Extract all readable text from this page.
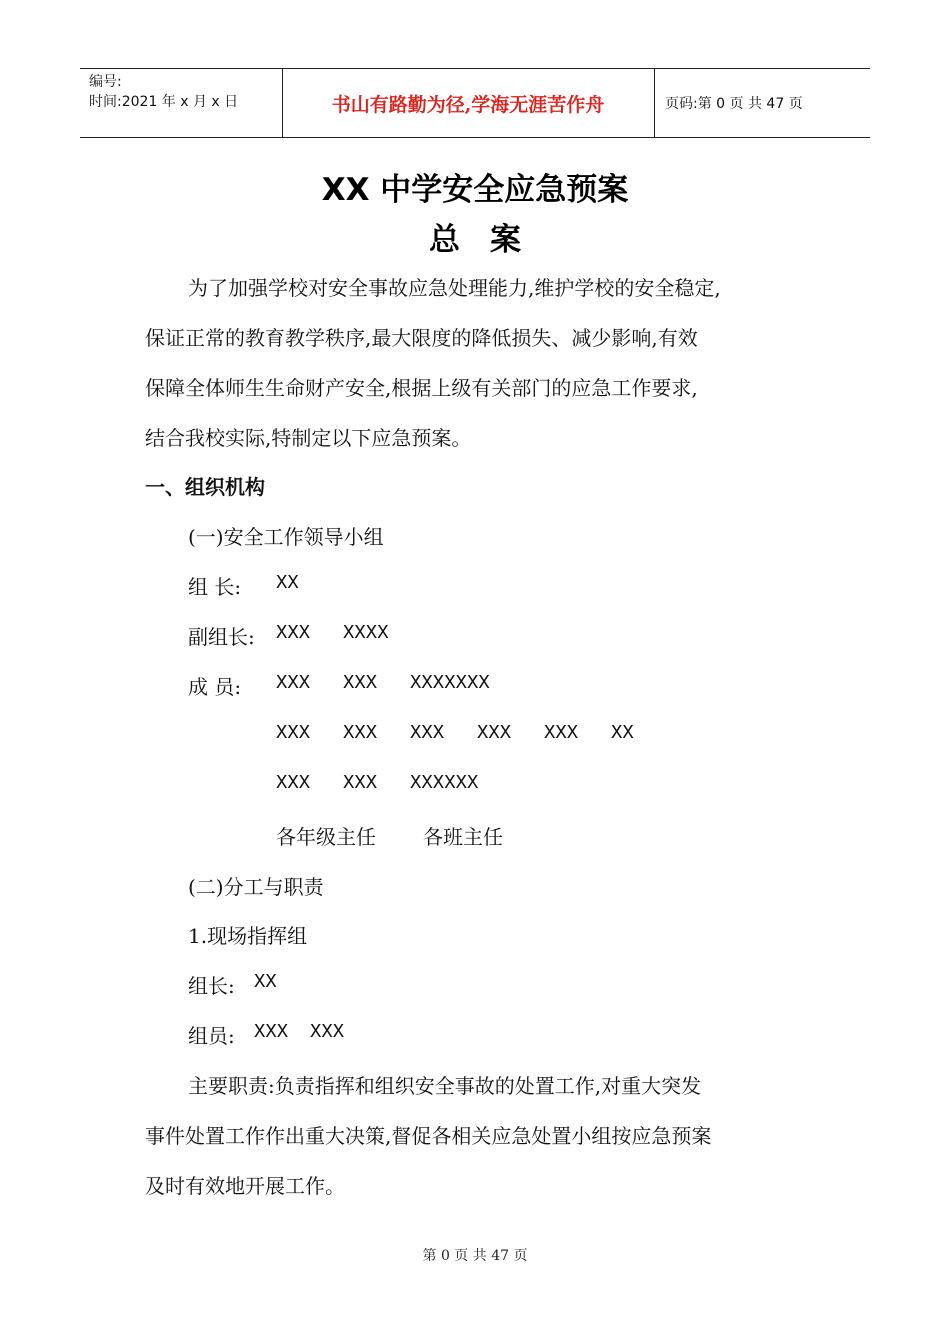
编号:
时间:2021 年 x 月 x 日	书山有路勤为径,学海无涯苦作舟	页码:第 0 页 共 47 页
XX 中学安全应急预案
总案
为了加强学校对安全事故应急处理能力,维护学校的安全稳定,
保证正常的教育教学秩序,最大限度的降低损失、减少影响,有效
保障全体师生生命财产安全,根据上级有关部门的应急工作要求,
结合我校实际,特制定以下应急预案。
一、组织机构
(一)安全工作领导小组
组 长: XX
副组长: XXX XXXX
成 员: XXX XXX XXXXXXX
XXX XXX XXX XXX XXX XX
XXX XXX XXXXXX
各年级主任 各班主任
(二)分工与职责
1.现场指挥组
组长: XX
组员: XXX XXX
主要职责:负责指挥和组织安全事故的处置工作,对重大突发
事件处置工作作出重大决策,督促各相关应急处置小组按应急预案
及时有效地开展工作。
第 0 页 共 47 页
